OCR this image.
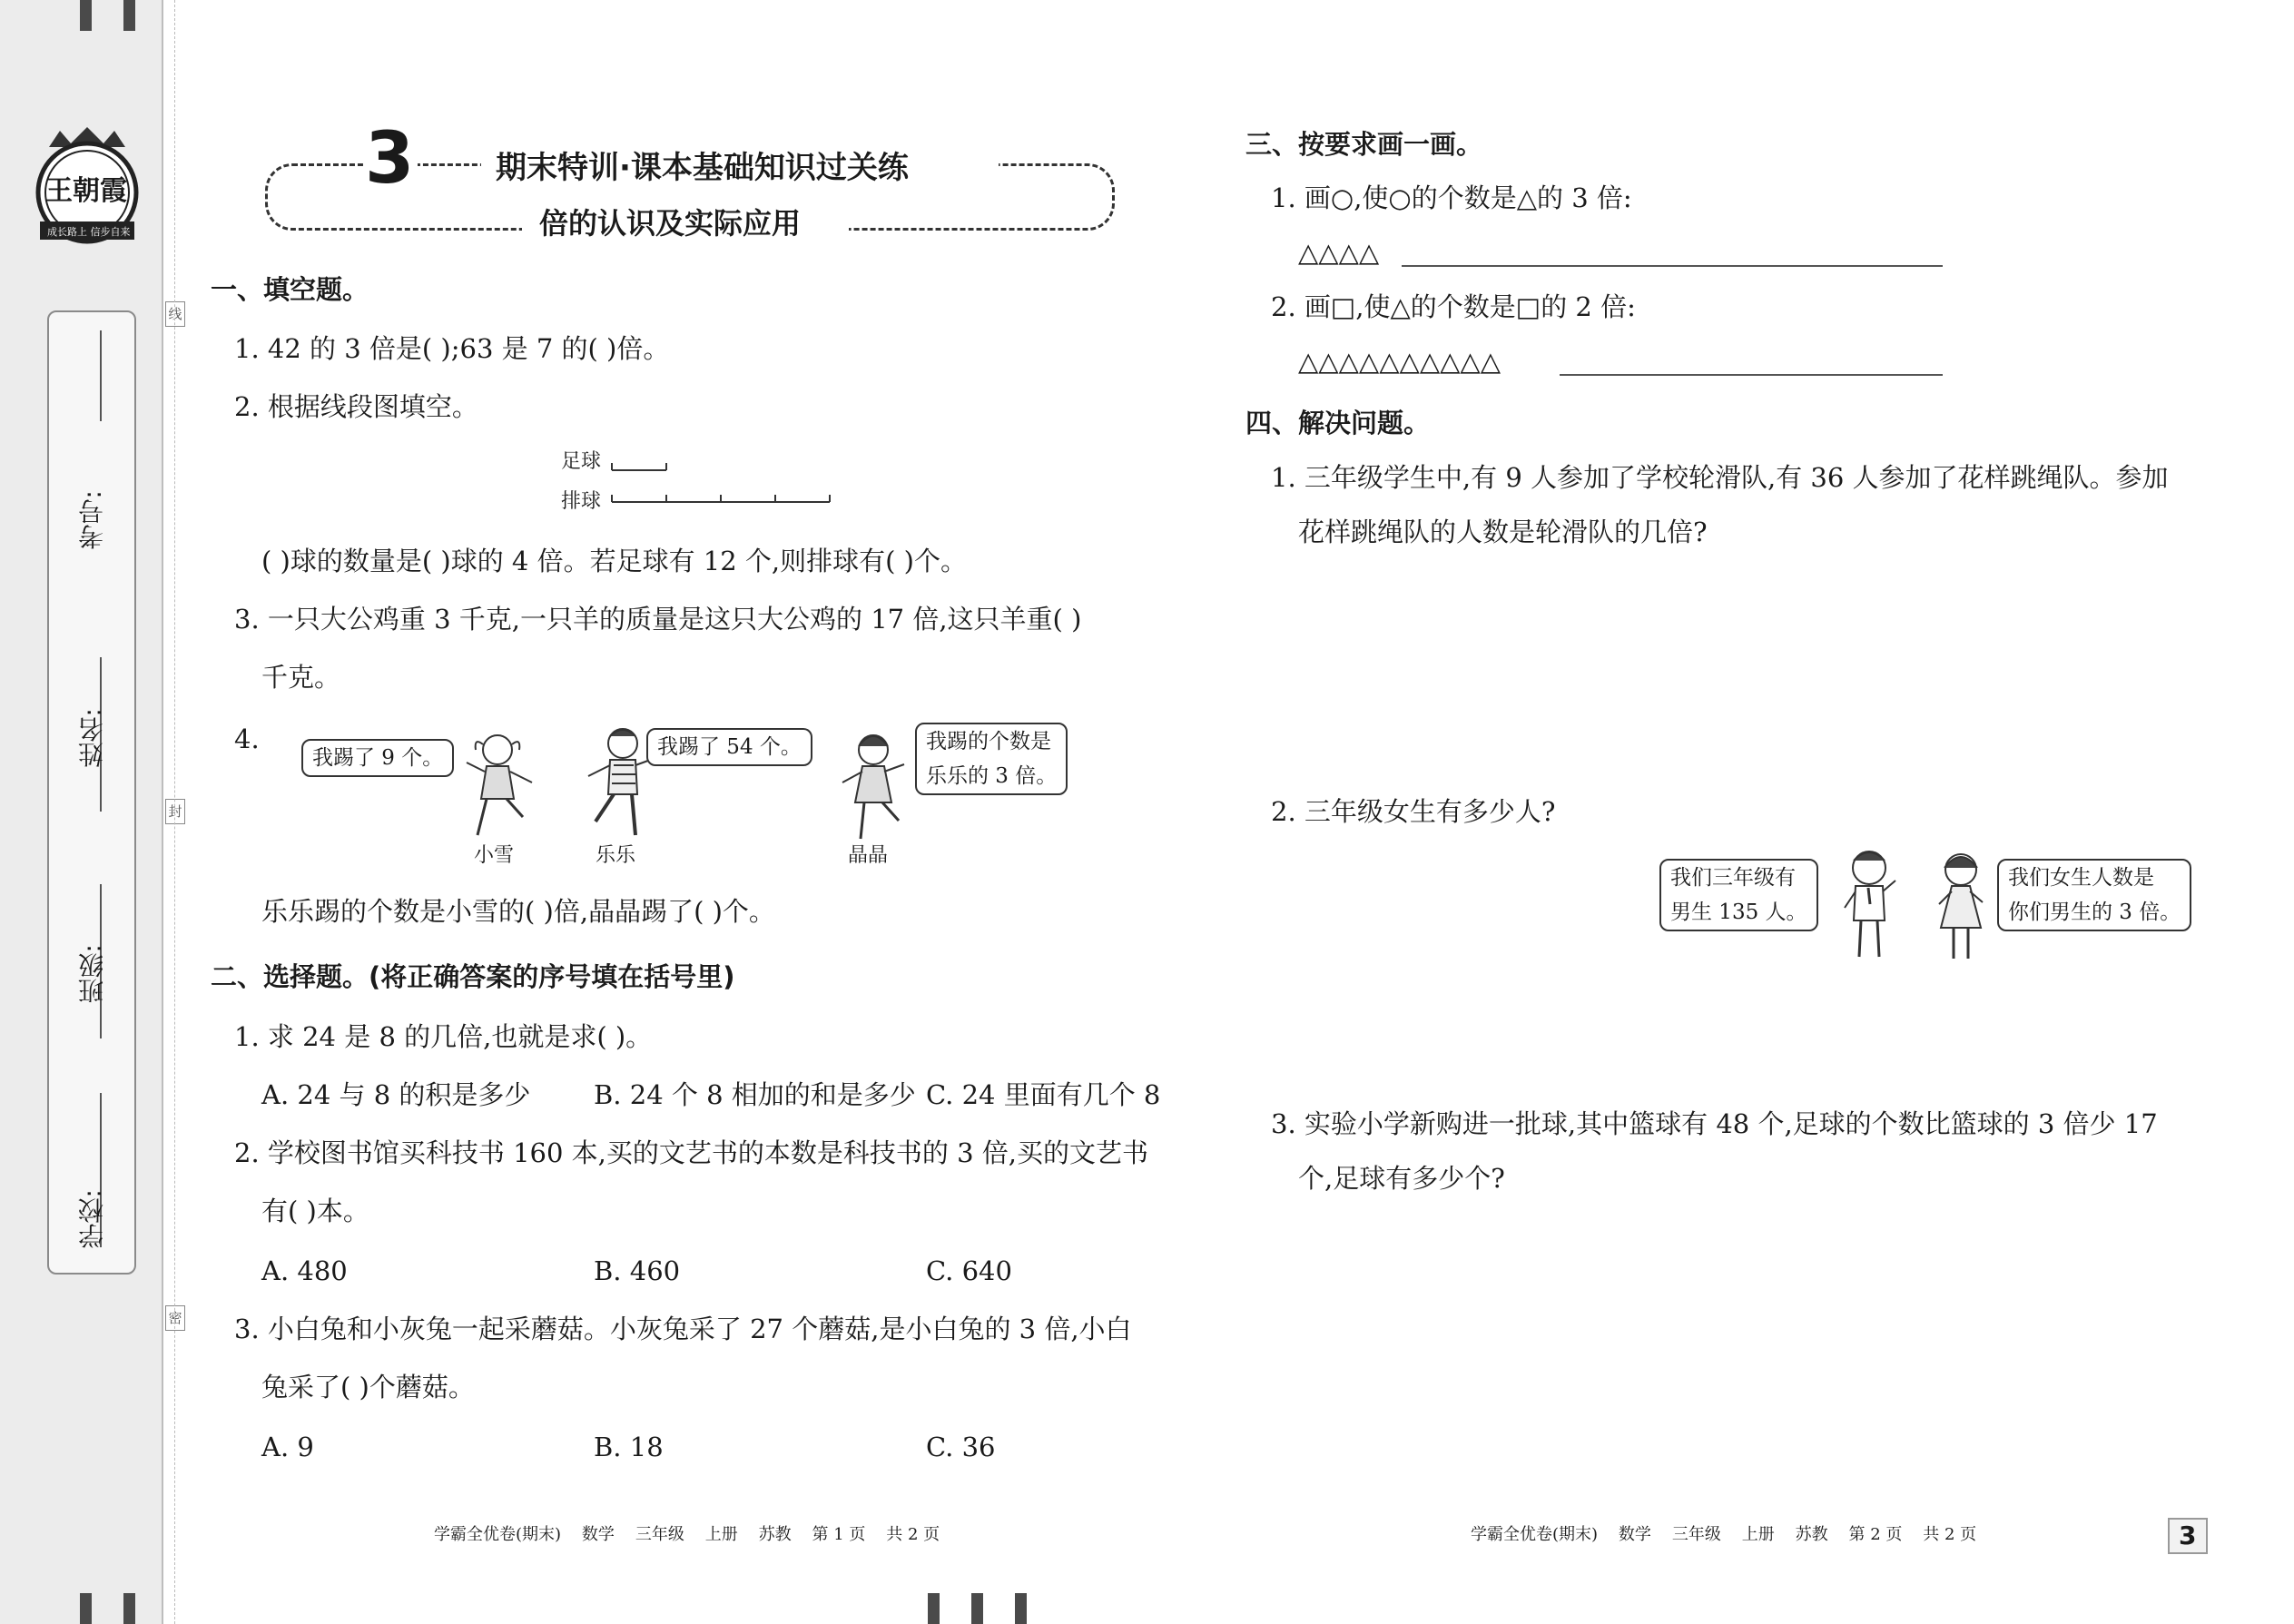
王朝霞
成长路上 信步自来
考号:
姓名:
班级:
学校:
线
封
密
3	期末特训·课本基础知识过关练
倍的认识及实际应用
一、填空题。
1. 42 的 3 倍是( );63 是 7 的( )倍。
2. 根据线段图填空。
足球
排球
( )球的数量是( )球的 4 倍。若足球有 12 个,则排球有( )个。
3. 一只大公鸡重 3 千克,一只羊的质量是这只大公鸡的 17 倍,这只羊重( )
千克。
4.
我踢了 9 个。
小雪
我踢了 54 个。
乐乐
我踢的个数是
乐乐的 3 倍。
晶晶
乐乐踢的个数是小雪的( )倍,晶晶踢了( )个。
二、选择题。(将正确答案的序号填在括号里)
1. 求 24 是 8 的几倍,也就是求( )。
A. 24 与 8 的积是多少 B. 24 个 8 相加的和是多少 C. 24 里面有几个 8
2. 学校图书馆买科技书 160 本,买的文艺书的本数是科技书的 3 倍,买的文艺书
有( )本。
A. 480	B. 460	C. 640
3. 小白兔和小灰兔一起采蘑菇。小灰兔采了 27 个蘑菇,是小白兔的 3 倍,小白
兔采了( )个蘑菇。
A. 9	B. 18	C. 36
三、按要求画一画。
1. 画○,使○的个数是△的 3 倍:
△△△△
2. 画□,使△的个数是□的 2 倍:
△△△△△△△△△△
四、解决问题。
1. 三年级学生中,有 9 人参加了学校轮滑队,有 36 人参加了花样跳绳队。参加
花样跳绳队的人数是轮滑队的几倍?
2. 三年级女生有多少人?
我们三年级有
男生 135 人。
我们女生人数是
你们男生的 3 倍。
3. 实验小学新购进一批球,其中篮球有 48 个,足球的个数比篮球的 3 倍少 17
个,足球有多少个?
学霸全优卷(期末)    数学    三年级    上册    苏教    第 1 页    共 2 页	学霸全优卷(期末)    数学    三年级    上册    苏教    第 2 页    共 2 页	3
